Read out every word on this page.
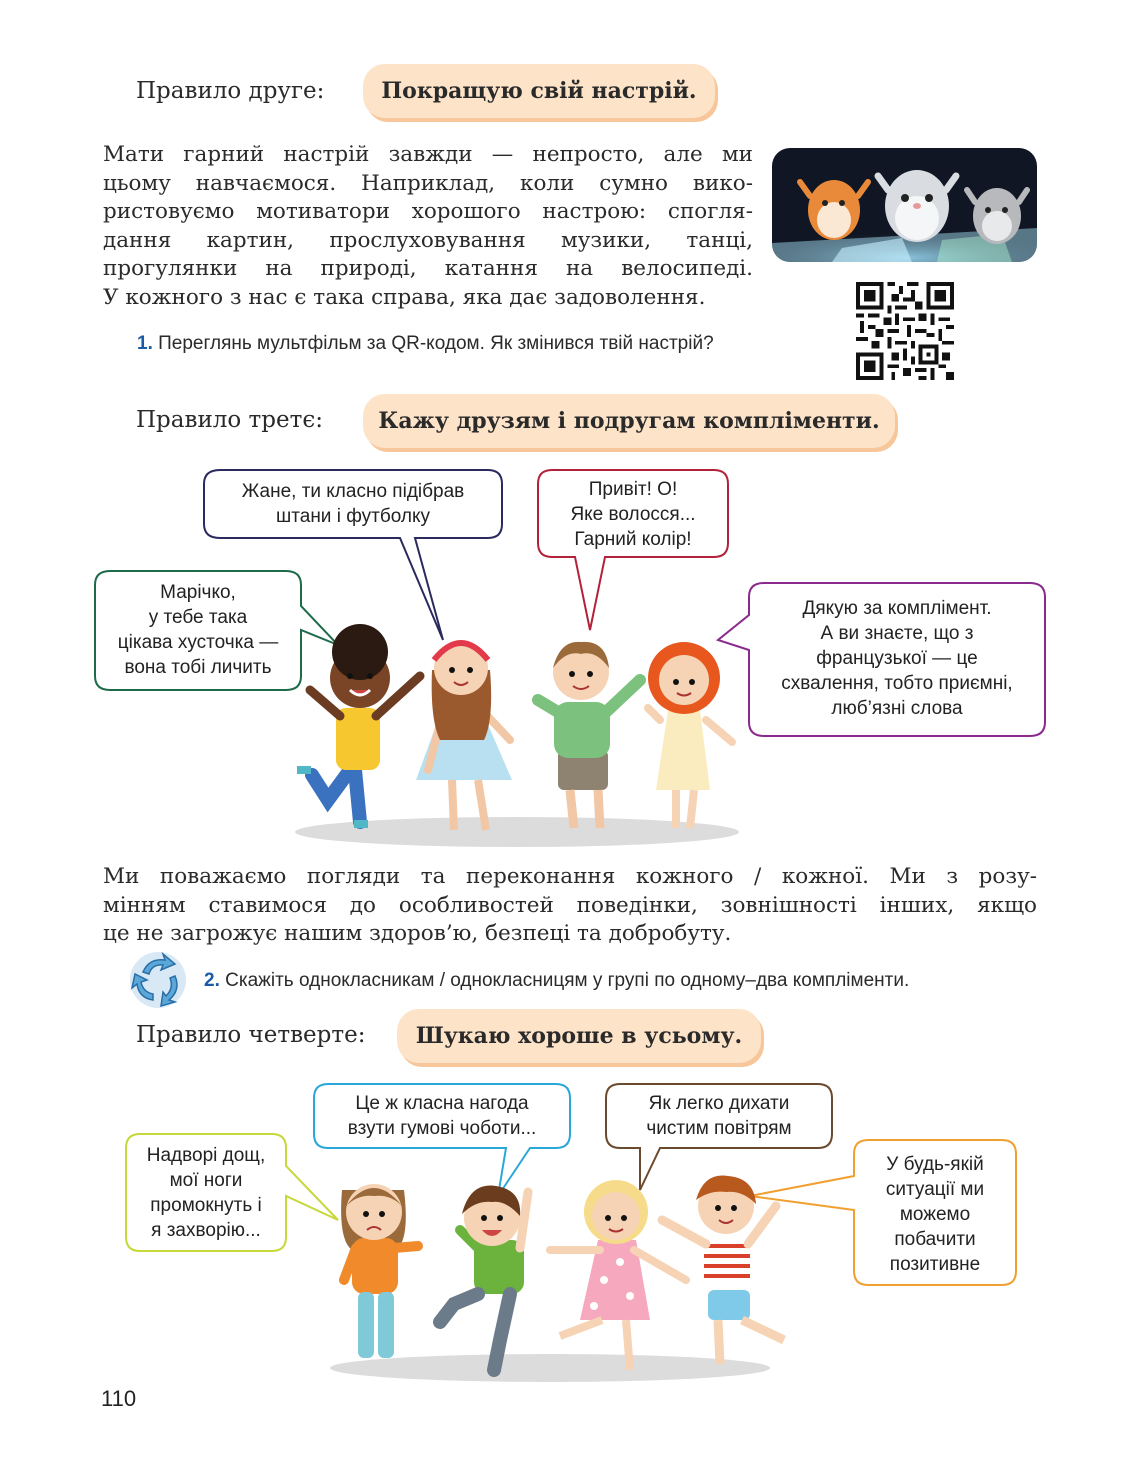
Правило друге:	Покращую свій настрій.
Мати гарний настрій завжди — непросто, але ми
цьому навчаємося. Наприклад, коли сумно вико-
ристовуємо мотиватори хорошого настрою: спогля-
дання картин, прослуховування музики, танці,
прогулянки на природі, катання на велосипеді.
У кожного з нас є така справа, яка дає задоволення.
1. Переглянь мультфільм за QR-кодом. Як змінився твій настрій?
Правило третє:	Кажу друзям і подругам компліменти.
Жане, ти класно підібрав
штани і футболку
Привіт! О!
Яке волосся...
Гарний колір!
Марічко,
у тебе така
цікава хусточка —
вона тобі личить
Дякую за комплімент.
А ви знаєте, що з
французької — це
схвалення, тобто приємні,
люб’язні слова
Ми поважаємо погляди та переконання кожного / кожної. Ми з розу-
мінням ставимося до особливостей поведінки, зовнішності інших, якщо
це не загрожує нашим здоров’ю, безпеці та добробуту.
2. Скажіть однокласникам / однокласницям у групі по одному–два компліменти.
Правило четверте:	Шукаю хороше в усьому.
Надворі дощ,
мої ноги
промокнуть і
я захворію...
Це ж класна нагода
взути гумові чоботи...
Як легко дихати
чистим повітрям
У будь-якій
ситуації ми
можемо
побачити
позитивне
110
